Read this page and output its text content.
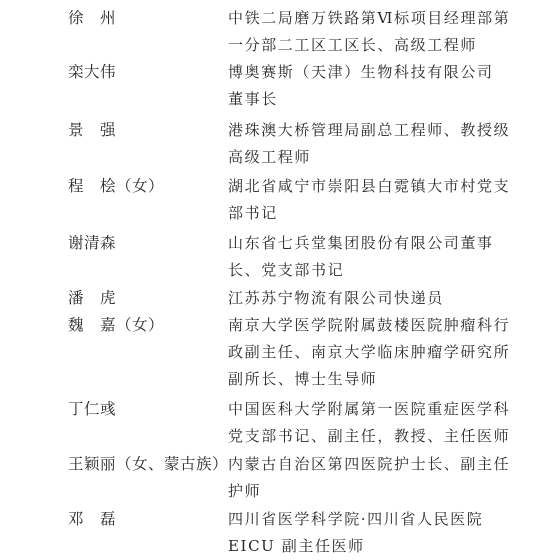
徐　州	中铁二局磨万铁路第Ⅵ标项目经理部第
一分部二工区工区长、高级工程师
栾大伟	博奥赛斯（天津）生物科技有限公司
董事长
景　强	港珠澳大桥管理局副总工程师、教授级
高级工程师
程　桧（女）	湖北省咸宁市崇阳县白霓镇大市村党支
部书记
谢清森	山东省七兵堂集团股份有限公司董事
长、党支部书记
潘　虎	江苏苏宁物流有限公司快递员
魏　嘉（女）	南京大学医学院附属鼓楼医院肿瘤科行
政副主任、南京大学临床肿瘤学研究所
副所长、博士生导师
丁仁彧	中国医科大学附属第一医院重症医学科
党支部书记、副主任，教授、主任医师
王颖丽（女、蒙古族） 内蒙古自治区第四医院护士长、副主任
护师
邓　磊	四川省医学科学院·四川省人民医院
EICU 副主任医师
